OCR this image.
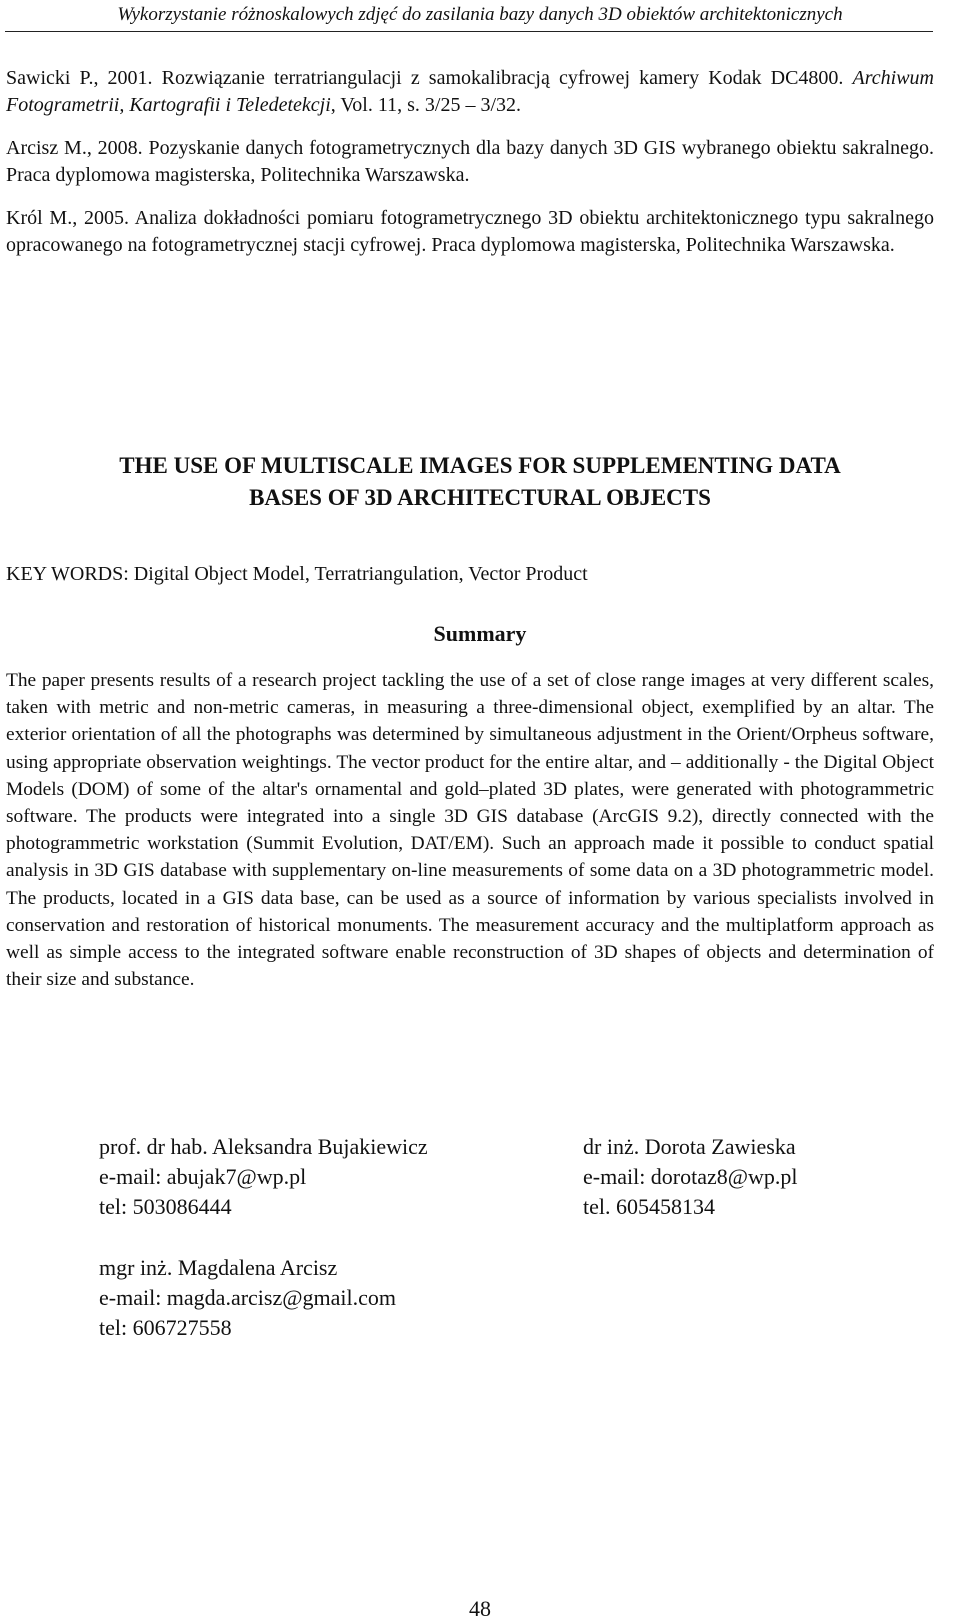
Wykorzystanie różnoskalowych zdjęć do zasilania bazy danych 3D obiektów architektonicznych

Sawicki P., 2001. Rozwiązanie terratriangulacji z samokalibracją cyfrowej kamery Kodak DC4800. Archiwum Fotogrametrii, Kartografii i Teledetekcji, Vol. 11, s. 3/25 – 3/32.

Arcisz M., 2008. Pozyskanie danych fotogrametrycznych dla bazy danych 3D GIS wybranego obiektu sakralnego. Praca dyplomowa magisterska, Politechnika Warszawska.

Król M., 2005. Analiza dokładności pomiaru fotogrametrycznego 3D obiektu architektonicznego typu sakralnego opracowanego na fotogrametrycznej stacji cyfrowej. Praca dyplomowa magisterska, Politechnika Warszawska.

THE USE OF MULTISCALE IMAGES FOR SUPPLEMENTING DATA
BASES OF 3D ARCHITECTURAL OBJECTS
KEY WORDS: Digital Object Model, Terratriangulation, Vector Product
Summary

The paper presents results of a research project tackling the use of a set of close range images at very different scales, taken with metric and non-metric cameras, in measuring a three-dimensional object, exemplified by an altar. The exterior orientation of all the photographs was determined by simultaneous adjustment in the Orient/Orpheus software, using appropriate observation weightings. The vector product for the entire altar, and – additionally - the Digital Object Models (DOM) of some of the altar's ornamental and gold–plated 3D plates, were generated with photogrammetric software. The products were integrated into a single 3D GIS database (ArcGIS 9.2), directly connected with the photogrammetric workstation (Summit Evolution, DAT/EM). Such an approach made it possible to conduct spatial analysis in 3D GIS database with supplementary on-line measurements of some data on a 3D photogrammetric model. The products, located in a GIS data base, can be used as a source of information by various specialists involved in conservation and restoration of historical monuments. The measurement accuracy and the multiplatform approach as well as simple access to the integrated software enable reconstruction of 3D shapes of objects and determination of their size and substance.

prof. dr hab. Aleksandra Bujakiewicz
e-mail: abujak7@wp.pl
tel: 503086444
dr inż. Dorota Zawieska
e-mail: dorotaz8@wp.pl
tel. 605458134
mgr inż. Magdalena Arcisz
e-mail: magda.arcisz@gmail.com
tel: 606727558
48
